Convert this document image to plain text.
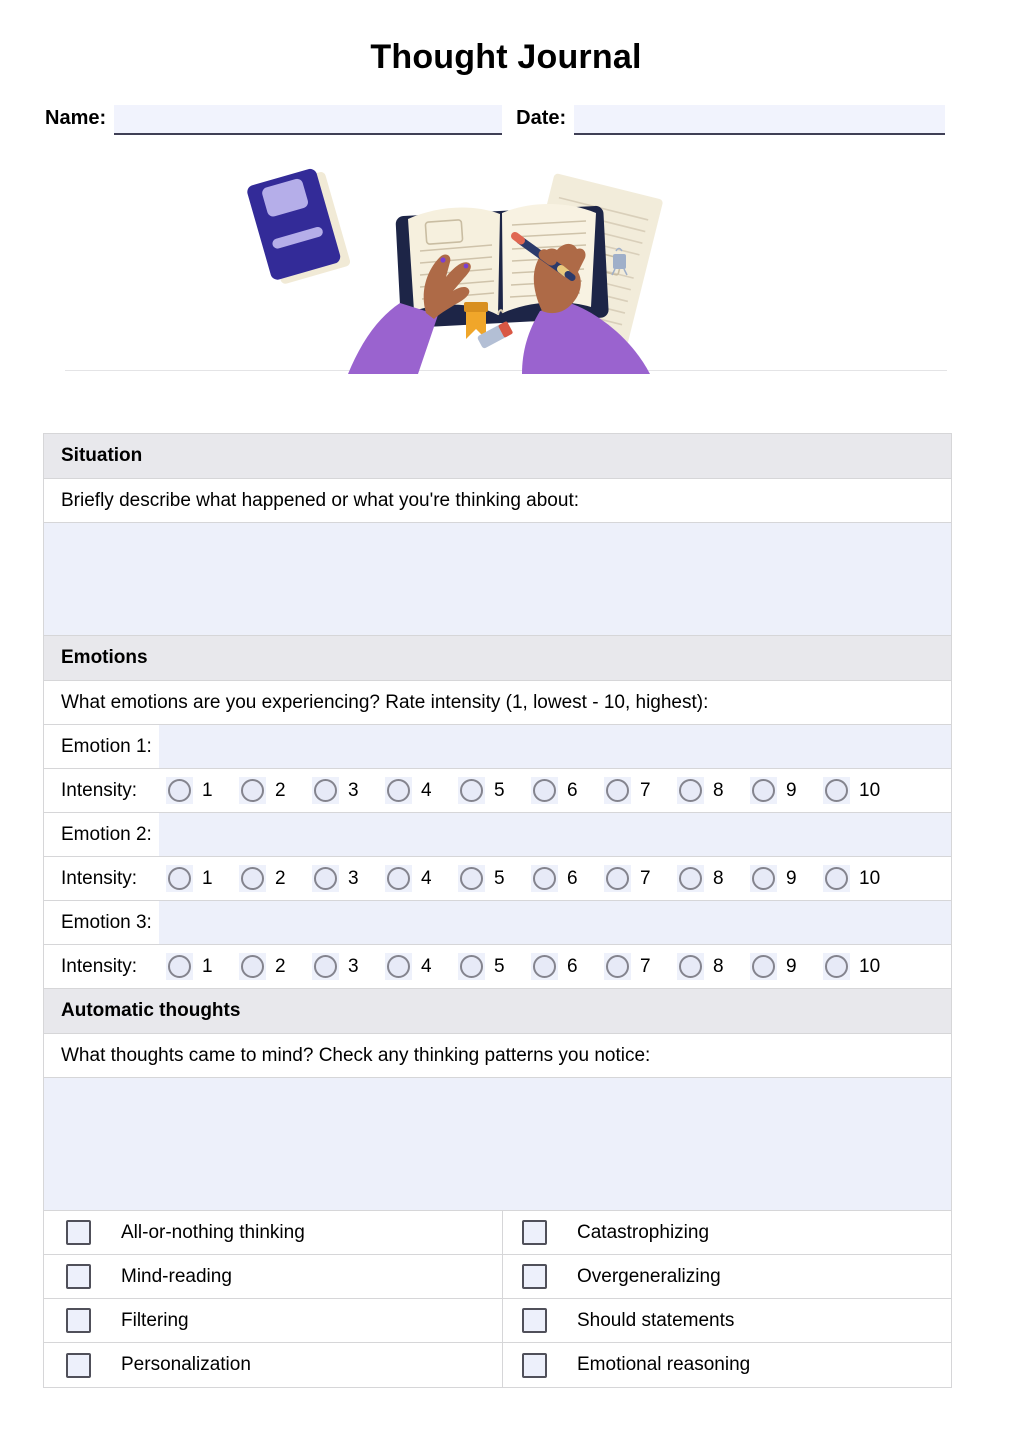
Thought Journal
Name:	Date:
Situation
Briefly describe what happened or what you're thinking about:
Emotions
What emotions are you experiencing? Rate intensity (1, lowest - 10, highest):
Emotion 1:
Intensity:	1	2	3	4	5	6	7	8	9	10
Emotion 2:
Intensity:	1	2	3	4	5	6	7	8	9	10
Emotion 3:
Intensity:	1	2	3	4	5	6	7	8	9	10
Automatic thoughts
What thoughts came to mind? Check any thinking patterns you notice:
All-or-nothing thinking	Catastrophizing
Mind-reading	Overgeneralizing
Filtering	Should statements
Personalization	Emotional reasoning
